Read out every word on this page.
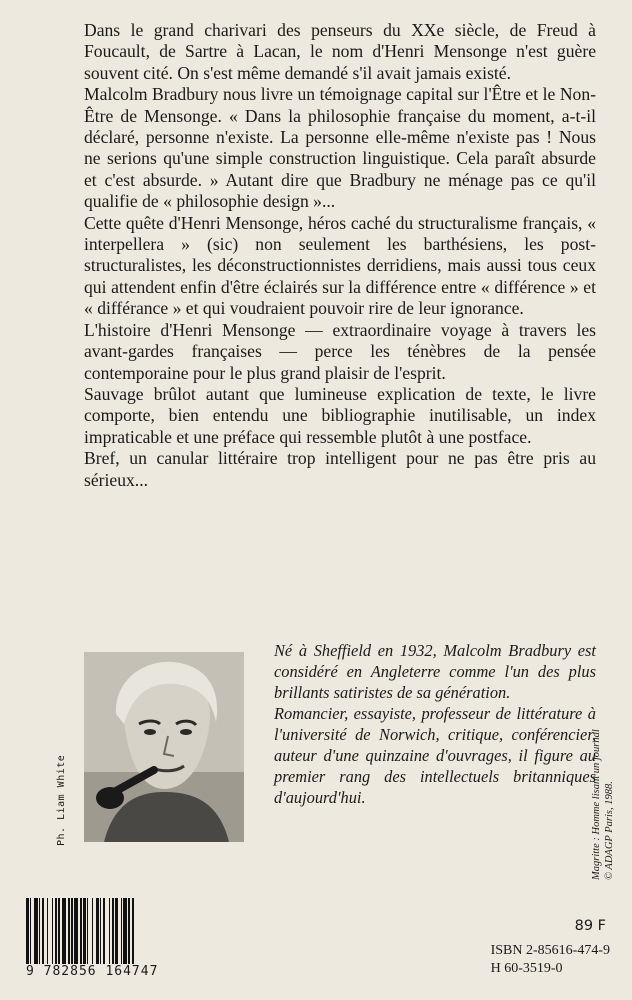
Dans le grand charivari des penseurs du XXe siècle, de Freud à Foucault, de Sartre à Lacan, le nom d'Henri Mensonge n'est guère souvent cité. On s'est même demandé s'il avait jamais existé.

Malcolm Bradbury nous livre un témoignage capital sur l'Être et le Non-Être de Mensonge. « Dans la philosophie française du moment, a-t-il déclaré, personne n'existe. La personne elle-même n'existe pas ! Nous ne serions qu'une simple construction linguistique. Cela paraît absurde et c'est absurde. » Autant dire que Bradbury ne ménage pas ce qu'il qualifie de « philosophie design »...

Cette quête d'Henri Mensonge, héros caché du structuralisme français, « interpellera » (sic) non seulement les barthésiens, les post-structuralistes, les déconstructionnistes derridiens, mais aussi tous ceux qui attendent enfin d'être éclairés sur la différence entre « différence » et « différance » et qui voudraient pouvoir rire de leur ignorance.

L'histoire d'Henri Mensonge — extraordinaire voyage à travers les avant-gardes françaises — perce les ténèbres de la pensée contemporaine pour le plus grand plaisir de l'esprit.

Sauvage brûlot autant que lumineuse explication de texte, le livre comporte, bien entendu une bibliographie inutilisable, un index impraticable et une préface qui ressemble plutôt à une postface.

Bref, un canular littéraire trop intelligent pour ne pas être pris au sérieux...

Ph. Liam White

Né à Sheffield en 1932, Malcolm Bradbury est considéré en Angleterre comme l'un des plus brillants satiristes de sa génération.

Romancier, essayiste, professeur de littérature à l'université de Norwich, critique, conférencier, auteur d'une quinzaine d'ouvrages, il figure au premier rang des intellectuels britanniques d'aujourd'hui.	Magritte : Homme lisant un journal © ADAGP Paris, 1988.
9 782856 164747
89 F
ISBN 2-85616-474-9
H 60-3519-0
